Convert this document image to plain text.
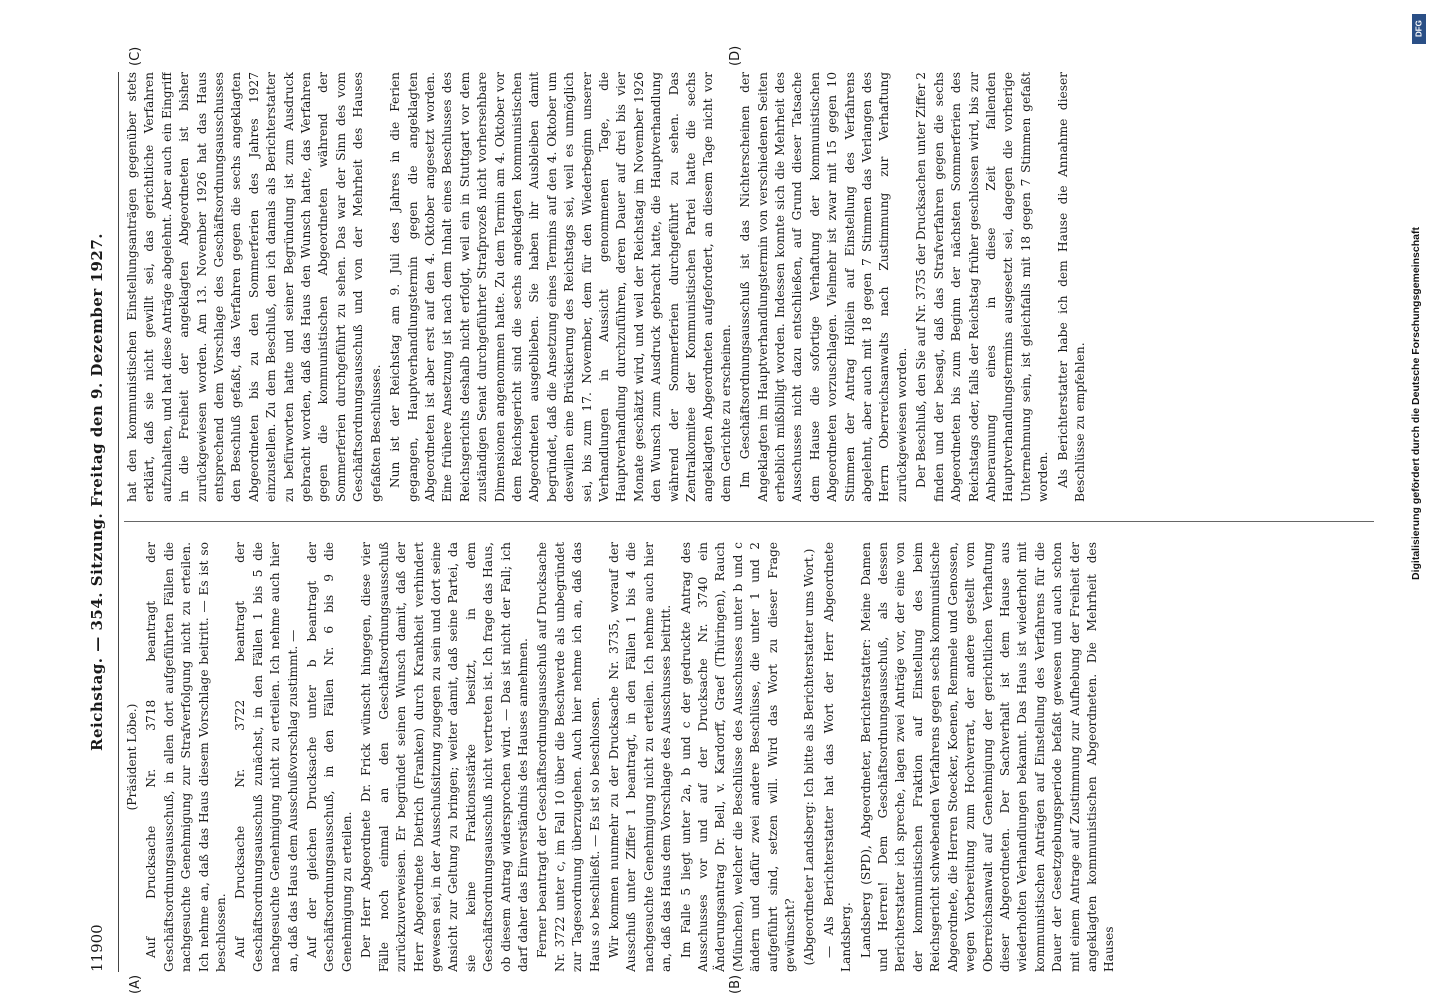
11900
Reichstag. — 354. Sitzung. Freitag den 9. Dezember 1927.
(A)	(B)
(C)	(D)

(Präsident Löbe.) Auf Drucksache Nr. 3718 beantragt der Geschäftsordnungsausschuß, in allen dort aufgeführten Fällen die nachgesuchte Genehmigung zur Strafverfolgung nicht zu erteilen. Ich nehme an, daß das Haus diesem Vorschlage beitritt. — Es ist so beschlossen. Auf Drucksache Nr. 3722 beantragt der Geschäftsordnungsausschuß zunächst, in den Fällen 1 bis 5 die nachgesuchte Genehmigung nicht zu erteilen. Ich nehme auch hier an, daß das Haus dem Ausschußvorschlag zustimmt. — Auf der gleichen Drucksache unter b beantragt der Geschäftsordnungsausschuß, in den Fällen Nr. 6 bis 9 die Genehmigung zu erteilen. Der Herr Abgeordnete Dr. Frick wünscht hingegen, diese vier Fälle noch einmal an den Geschäftsordnungsausschuß zurückzuverweisen. Er begründet seinen Wunsch damit, daß der Herr Abgeordnete Dietrich (Franken) durch Krankheit verhindert gewesen sei, in der Ausschußsitzung zugegen zu sein und dort seine Ansicht zur Geltung zu bringen; weiter damit, daß seine Partei, da sie keine Fraktionsstärke besitzt, in dem Geschäftsordnungsausschuß nicht vertreten ist. Ich frage das Haus, ob diesem Antrag widersprochen wird. — Das ist nicht der Fall; ich darf daher das Einverständnis des Hauses annehmen. Ferner beantragt der Geschäftsordnungsausschuß auf Drucksache Nr. 3722 unter c, im Fall 10 über die Beschwerde als unbegründet zur Tagesordnung überzugehen. Auch hier nehme ich an, daß das Haus so beschließt. — Es ist so beschlossen. Wir kommen nunmehr zu der Drucksache Nr. 3735, worauf der Ausschuß unter Ziffer 1 beantragt, in den Fällen 1 bis 4 die nachgesuchte Genehmigung nicht zu erteilen. Ich nehme auch hier an, daß das Haus dem Vorschlage des Ausschusses beitritt. Im Falle 5 liegt unter 2a, b und c der gedruckte Antrag des Ausschusses vor und auf der Drucksache Nr. 3740 ein Änderungsantrag Dr. Bell, v. Kardorff, Graef (Thüringen), Rauch (München), welcher die Beschlüsse des Ausschusses unter b und c ändern und dafür zwei andere Beschlüsse, die unter 1 und 2 aufgeführt sind, setzen will. Wird das Wort zu dieser Frage gewünscht? (Abgeordneter Landsberg: Ich bitte als Berichterstatter ums Wort.) — Als Berichterstatter hat das Wort der Herr Abgeordnete Landsberg. Landsberg (SPD), Abgeordneter, Berichterstatter: Meine Damen und Herren! Dem Geschäftsordnungsausschuß, als dessen Berichterstatter ich spreche, lagen zwei Anträge vor, der eine von der kommunistischen Fraktion auf Einstellung des beim Reichsgericht schwebenden Verfahrens gegen sechs kommunistische Abgeordnete, die Herren Stoecker, Koenen, Remmele und Genossen, wegen Vorbereitung zum Hochverrat, der andere gestellt vom Oberreichsanwalt auf Genehmigung der gerichtlichen Verhaftung dieser Abgeordneten. Der Sachverhalt ist dem Hause aus wiederholten Verhandlungen bekannt. Das Haus ist wiederholt mit kommunistischen Anträgen auf Einstellung des Verfahrens für die Dauer der Gesetzgebungsperiode befaßt gewesen und auch schon mit einem Antrage auf Zustimmung zur Aufhebung der Freiheit der angeklagten kommunistischen Abgeordneten. Die Mehrheit des Hauses

hat den kommunistischen Einstellungsanträgen gegenüber stets erklärt, daß sie nicht gewillt sei, das gerichtliche Verfahren aufzuhalten, und hat diese Anträge abgelehnt. Aber auch ein Eingriff in die Freiheit der angeklagten Abgeordneten ist bisher zurückgewiesen worden. Am 13. November 1926 hat das Haus entsprechend dem Vorschlage des Geschäftsordnungsausschusses den Beschluß gefaßt, das Verfahren gegen die sechs angeklagten Abgeordneten bis zu den Sommerferien des Jahres 1927 einzustellen. Zu dem Beschluß, den ich damals als Berichterstatter zu befürworten hatte und seiner Begründung ist zum Ausdruck gebracht worden, daß das Haus den Wunsch hatte, das Verfahren gegen die kommunistischen Abgeordneten während der Sommerferien durchgeführt zu sehen. Das war der Sinn des vom Geschäftsordnungsausschuß und von der Mehrheit des Hauses gefaßten Beschlusses. Nun ist der Reichstag am 9. Juli des Jahres in die Ferien gegangen, Hauptverhandlungstermin gegen die angeklagten Abgeordneten ist aber erst auf den 4. Oktober angesetzt worden. Eine frühere Ansetzung ist nach dem Inhalt eines Beschlusses des Reichsgerichts deshalb nicht erfolgt, weil ein in Stuttgart vor dem zuständigen Senat durchgeführter Strafprozeß nicht vorhersehbare Dimensionen angenommen hatte. Zu dem Termin am 4. Oktober vor dem Reichsgericht sind die sechs angeklagten kommunistischen Abgeordneten ausgeblieben. Sie haben ihr Ausbleiben damit begründet, daß die Ansetzung eines Termins auf den 4. Oktober um deswillen eine Brüskierung des Reichstags sei, weil es unmöglich sei, bis zum 17. November, dem für den Wiederbeginn unserer Verhandlungen in Aussicht genommenen Tage, die Hauptverhandlung durchzuführen, deren Dauer auf drei bis vier Monate geschätzt wird, und weil der Reichstag im November 1926 den Wunsch zum Ausdruck gebracht hatte, die Hauptverhandlung während der Sommerferien durchgeführt zu sehen. Das Zentralkomitee der Kommunistischen Partei hatte die sechs angeklagten Abgeordneten aufgefordert, an diesem Tage nicht vor dem Gerichte zu erscheinen. Im Geschäftsordnungsausschuß ist das Nichterscheinen der Angeklagten im Hauptverhandlungstermin von verschiedenen Seiten erheblich mißbilligt worden. Indessen konnte sich die Mehrheit des Ausschusses nicht dazu entschließen, auf Grund dieser Tatsache dem Hause die sofortige Verhaftung der kommunistischen Abgeordneten vorzuschlagen. Vielmehr ist zwar mit 15 gegen 10 Stimmen der Antrag Höllein auf Einstellung des Verfahrens abgelehnt, aber auch mit 18 gegen 7 Stimmen das Verlangen des Herrn Oberreichsanwalts nach Zustimmung zur Verhaftung zurückgewiesen worden. Der Beschluß, den Sie auf Nr. 3735 der Drucksachen unter Ziffer 2 finden und der besagt, daß das Strafverfahren gegen die sechs Abgeordneten bis zum Beginn der nächsten Sommerferien des Reichstags oder, falls der Reichstag früher geschlossen wird, bis zur Anberaumung eines in diese Zeit fallenden Hauptverhandlungstermins ausgesetzt sei, dagegen die vorherige Unternehmung sein, ist gleichfalls mit 18 gegen 7 Stimmen gefaßt worden. Als Berichterstatter habe ich dem Hause die Annahme dieser Beschlüsse zu empfehlen.

DFG
Digitalisierung gefördert durch die Deutsche Forschungsgemeinschaft
